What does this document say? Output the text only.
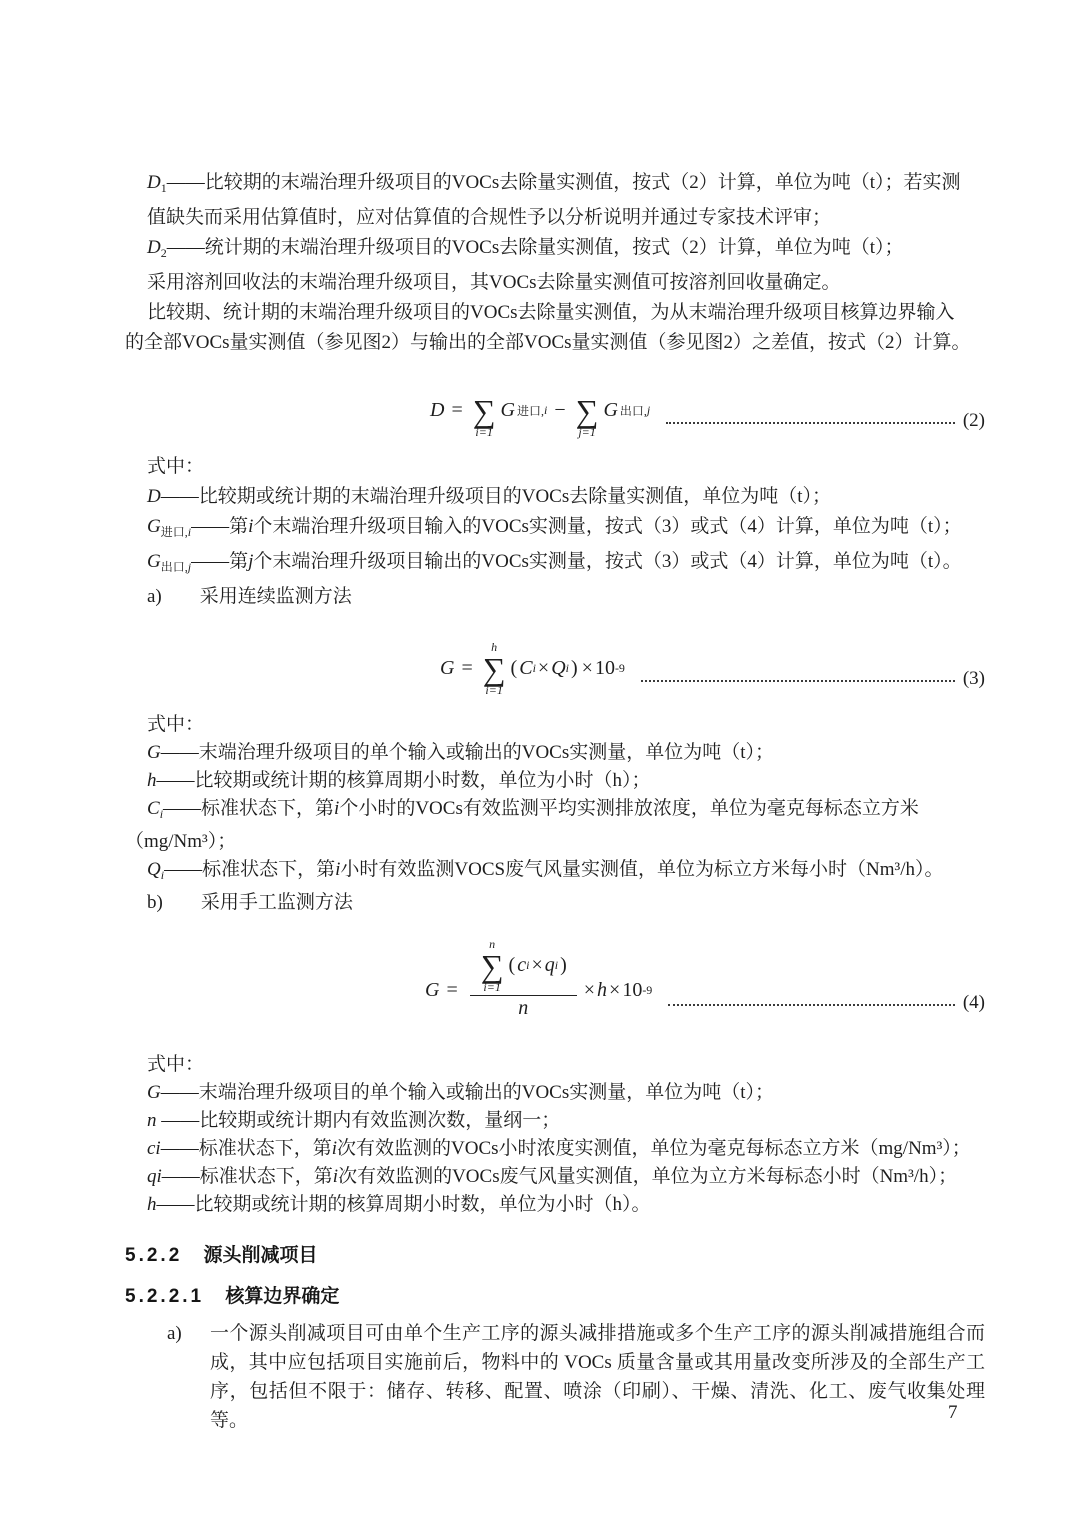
$D_1——$比较期的末端治理升级项目的VOCs去除量实测值，按式（2）计算，单位为吨（t）；若实测
值缺失而采用估算值时，应对估算值的合规性予以分析说明并通过专家技术评审；
$D_2——$统计期的末端治理升级项目的VOCs去除量实测值，按式（2）计算，单位为吨（t）；
采用溶剂回收法的末端治理升级项目，其VOCs去除量实测值可按溶剂回收量确定。
比较期、统计期的末端治理升级项目的VOCs去除量实测值，为从末端治理升级项目核算边界输入
的全部VOCs量实测值（参见图2）与输出的全部VOCs量实测值（参见图2）之差值，按式（2）计算。
D = ∑
i=1
G 进口, i − ∑
j=1
G 出口, j
(2)
式中：
D——比较期或统计期的末端治理升级项目的VOCs去除量实测值，单位为吨（t）；
$G_{进口,i}——$第i个末端治理升级项目输入的VOCs实测量，按式（3）或式（4）计算，单位为吨（t）；
$G_{出口,j}——$第j个末端治理升级项目输出的VOCs实测量，按式（3）或式（4）计算，单位为吨（t）。
a)　　采用连续监测方法
G =
h
∑
i=1
( C i × Q i ) × 10 -9
(3)
式中：
G——末端治理升级项目的单个输入或输出的VOCs实测量，单位为吨（t）；
h——比较期或统计期的核算周期小时数，单位为小时（h）；
$C_i——$标准状态下，第i个小时的VOCs有效监测平均实测排放浓度，单位为毫克每标态立方米
（mg/Nm³）；
$Q_i——$标准状态下，第i小时有效监测VOCS废气风量实测值，单位为标立方米每小时（Nm³/h）。
b)　　采用手工监测方法
G =
n
∑
i=1
( c i × q i )
n
× h × 10 -9
(4)
式中：
G——末端治理升级项目的单个输入或输出的VOCs实测量，单位为吨（t）；
n ——比较期或统计期内有效监测次数，量纲一；
ci——标准状态下，第i次有效监测的VOCs小时浓度实测值，单位为毫克每标态立方米（mg/Nm³）；
qi——标准状态下，第i次有效监测的VOCs废气风量实测值，单位为立方米每标态小时（Nm³/h）；
h——比较期或统计期的核算周期小时数，单位为小时（h）。
5.2.2 源头削减项目
5.2.2.1 核算边界确定
a)	一个源头削减项目可由单个生产工序的源头减排措施或多个生产工序的源头削减措施组合而成，其中应包括项目实施前后，物料中的 VOCs 质量含量或其用量改变所涉及的全部生产工序，包括但不限于：储存、转移、配置、喷涂（印刷）、干燥、清洗、化工、废气收集处理等。	7
